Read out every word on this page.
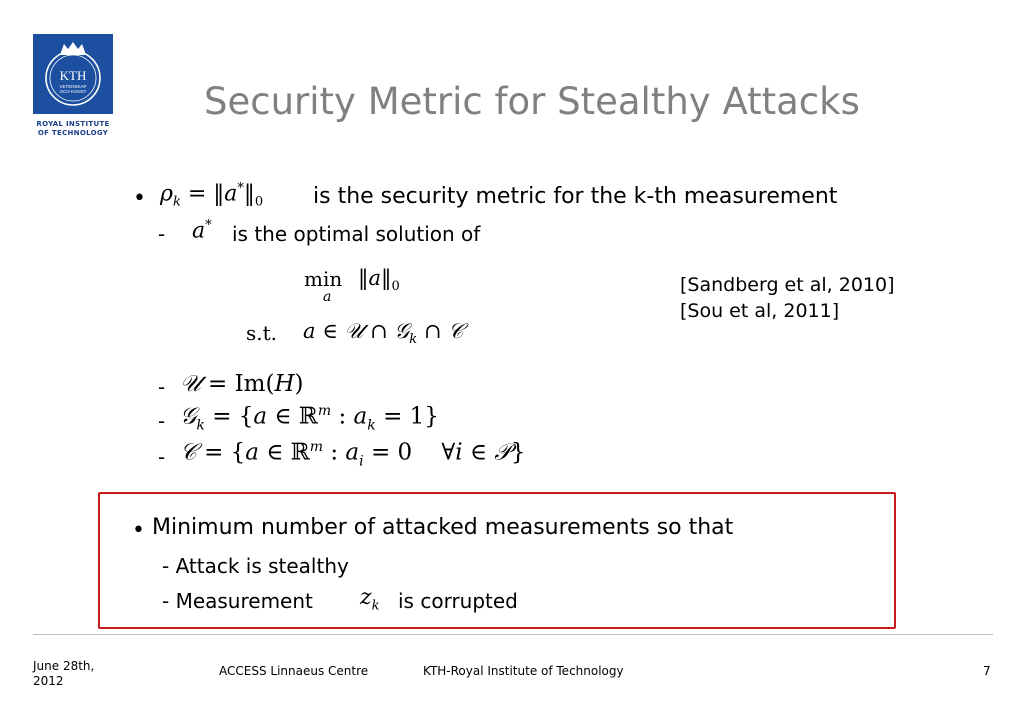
KTH
VETENSKAP
OCH KONST
ROYAL INSTITUTE
OF TECHNOLOGY
Security Metric for Stealthy Attacks
• $\rho_k$ = $‖a^*‖_0$ is the security metric for the k-th measurement
- a* is the optimal solution of
min
a
$‖a‖_0$
s.t. a ∈ 𝒰 ∩ 𝒢$_k$ ∩ 𝒞
[Sandberg et al, 2010]
[Sou et al, 2011]
- 𝒰 = Im(H)
- 𝒢$_k$ = {a ∈ ℝ$^m$ : $a_k = 1$}
- 𝒞 = {a ∈ ℝ$^m$ : $a_i = 0$    ∀i ∈ 𝒫}
• Minimum number of attacked measurements so that
- Attack is stealthy
- Measurement $z_k$ is corrupted
June 28th,
2012
ACCESS Linnaeus Centre	KTH-Royal Institute of Technology	7
